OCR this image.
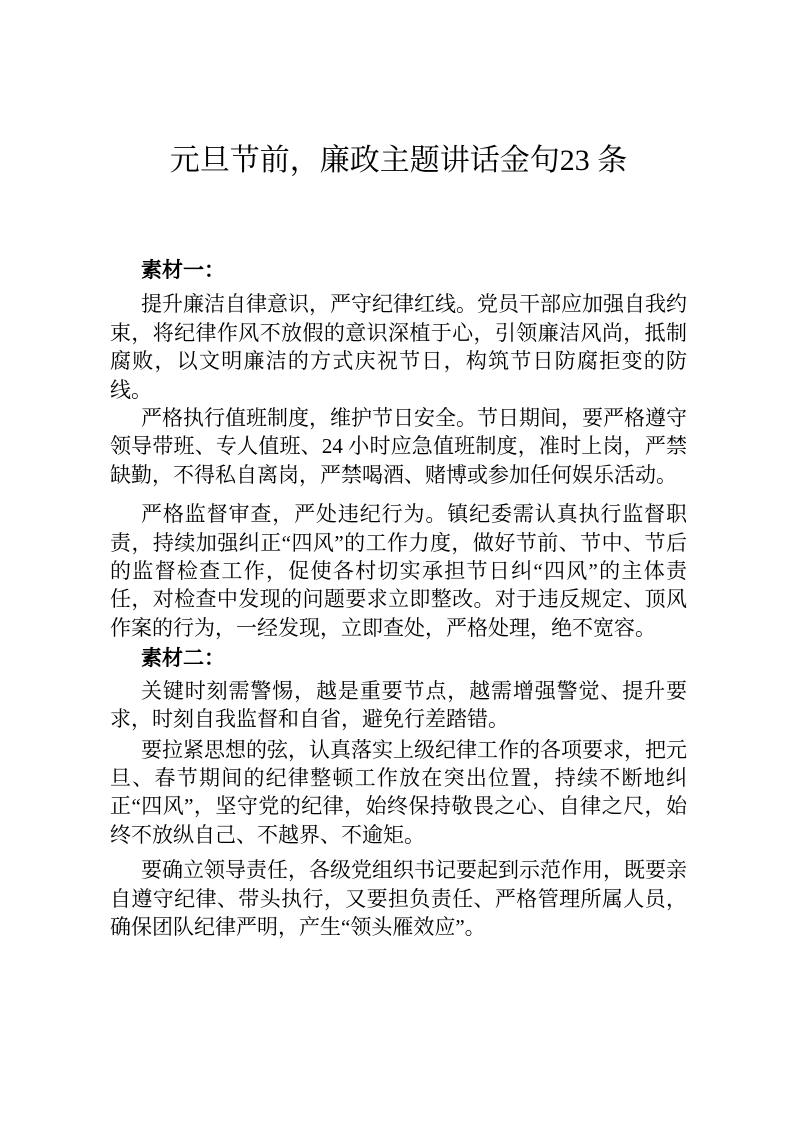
元旦节前，廉政主题讲话金句23 条

素材一：

提升廉洁自律意识，严守纪律红线。党员干部应加强自我约束，将纪律作风不放假的意识深植于心，引领廉洁风尚，抵制腐败，以文明廉洁的方式庆祝节日，构筑节日防腐拒变的防线。

严格执行值班制度，维护节日安全。节日期间，要严格遵守领导带班、专人值班、24 小时应急值班制度，准时上岗，严禁缺勤，不得私自离岗，严禁喝酒、赌博或参加任何娱乐活动。

严格监督审查，严处违纪行为。镇纪委需认真执行监督职责，持续加强纠正“四风”的工作力度，做好节前、节中、节后的监督检查工作，促使各村切实承担节日纠“四风”的主体责任，对检查中发现的问题要求立即整改。对于违反规定、顶风作案的行为，一经发现，立即查处，严格处理，绝不宽容。

素材二：

关键时刻需警惕，越是重要节点，越需增强警觉、提升要求，时刻自我监督和自省，避免行差踏错。

要拉紧思想的弦，认真落实上级纪律工作的各项要求，把元旦、春节期间的纪律整顿工作放在突出位置，持续不断地纠正“四风”，坚守党的纪律，始终保持敬畏之心、自律之尺，始终不放纵自己、不越界、不逾矩。

要确立领导责任，各级党组织书记要起到示范作用，既要亲自遵守纪律、带头执行，又要担负责任、严格管理所属人员，确保团队纪律严明，产生“领头雁效应”。
